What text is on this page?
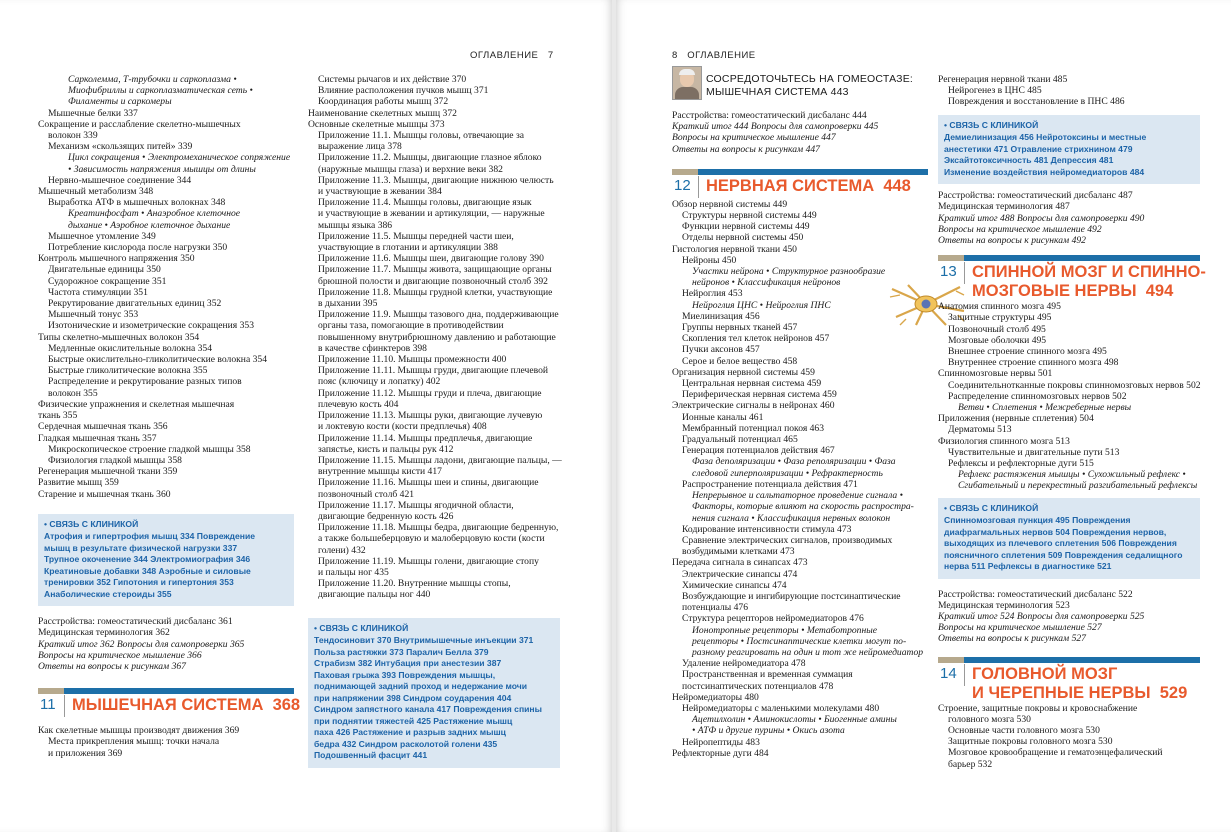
ОГЛАВЛЕНИЕ 7
Сарколемма, Т-трубочки и саркоплазма •
Миофибриллы и саркоплазматическая сеть •
Филаменты и саркомеры
Мышечные белки 337
Сокращение и расслабление скелетно-мышечных
волокон 339
Механизм «скользящих питей» 339
Цикл сокращения • Электромеханическое сопряжение
• Зависимость напряжения мышцы от длины
Нервно-мышечное соединение 344
Мышечный метаболизм 348
Выработка АТФ в мышечных волокнах 348
Креатинфосфат • Анаэробное клеточное
дыхание • Аэробное клеточное дыхание
Мышечное утомление 349
Потребление кислорода после нагрузки 350
Контроль мышечного напряжения 350
Двигательные единицы 350
Судорожное сокращение 351
Частота стимуляции 351
Рекрутирование двигательных единиц 352
Мышечный тонус 353
Изотонические и изометрические сокращения 353
Типы скелетно-мышечных волокон 354
Медленные окислительные волокна 354
Быстрые окислительно-гликолитические волокна 354
Быстрые гликолитические волокна 355
Распределение и рекрутирование разных типов
волокон 355
Физические упражнения и скелетная мышечная
ткань 355
Сердечная мышечная ткань 356
Гладкая мышечная ткань 357
Микроскопическое строение гладкой мышцы 358
Физиология гладкой мышцы 358
Регенерация мышечной ткани 359
Развитие мышц 359
Старение и мышечная ткань 360
• СВЯЗЬ С КЛИНИКОЙ
Атрофия и гипертрофия мышц 334 Повреждение
мышц в результате физической нагрузки 337
Трупное окоченение 344 Электромиография 346
Креатиновые добавки 348 Аэробные и силовые
тренировки 352 Гипотония и гипертония 353
Анаболические стероиды 355
Расстройства: гомеостатический дисбаланс 361
Медицинская терминология 362
Краткий итог 362 Вопросы для самопроверки 365
Вопросы на критическое мышление 366
Ответы на вопросы к рисункам 367
11 МЫШЕЧНАЯ СИСТЕМА 368
Как скелетные мышцы производят движения 369
Места прикрепления мышц: точки начала
и приложения 369
Системы рычагов и их действие 370
Влияние расположения пучков мышц 371
Координация работы мышц 372
Наименование скелетных мышц 372
Основные скелетные мышцы 373
Приложение 11.1. Мышцы головы, отвечающие за
выражение лица 378
Приложение 11.2. Мышцы, двигающие глазное яблоко
(наружные мышцы глаза) и верхние веки 382
Приложение 11.3. Мышцы, двигающие нижнюю челюсть
и участвующие в жевании 384
Приложение 11.4. Мышцы головы, двигающие язык
и участвующие в жевании и артикуляции, — наружные
мышцы языка 386
Приложение 11.5. Мышцы передней части шеи,
участвующие в глотании и артикуляции 388
Приложение 11.6. Мышцы шеи, двигающие голову 390
Приложение 11.7. Мышцы живота, защищающие органы
брюшной полости и двигающие позвоночный столб 392
Приложение 11.8. Мышцы грудной клетки, участвующие
в дыхании 395
Приложение 11.9. Мышцы тазового дна, поддерживающие
органы таза, помогающие в противодействии
повышенному внутрибрюшному давлению и работающие
в качестве сфинктеров 398
Приложение 11.10. Мышцы промежности 400
Приложение 11.11. Мышцы груди, двигающие плечевой
пояс (ключицу и лопатку) 402
Приложение 11.12. Мышцы груди и плеча, двигающие
плечевую кость 404
Приложение 11.13. Мышцы руки, двигающие лучевую
и локтевую кости (кости предплечья) 408
Приложение 11.14. Мышцы предплечья, двигающие
запястье, кисть и пальцы рук 412
Приложение 11.15. Мышцы ладони, двигающие пальцы, —
внутренние мышцы кисти 417
Приложение 11.16. Мышцы шеи и спины, двигающие
позвоночный столб 421
Приложение 11.17. Мышцы ягодичной области,
двигающие бедренную кость 426
Приложение 11.18. Мышцы бедра, двигающие бедренную,
а также большеберцовую и малоберцовую кости (кости
голени) 432
Приложение 11.19. Мышцы голени, двигающие стопу
и пальцы ног 435
Приложение 11.20. Внутренние мышцы стопы,
двигающие пальцы ног 440
• СВЯЗЬ С КЛИНИКОЙ
Тендосиновит 370 Внутримышечные инъекции 371
Польза растяжки 373 Паралич Белла 379
Страбизм 382 Интубация при анестезии 387
Паховая грыжа 393 Повреждения мышцы,
поднимающей задний проход и недержание мочи
при напряжении 398 Синдром соударения 404
Синдром запястного канала 417 Повреждения спины
при поднятии тяжестей 425 Растяжение мышц
паха 426 Растяжение и разрыв задних мышц
бедра 432 Синдром расколотой голени 435
Подошвенный фасцит 441
8 ОГЛАВЛЕНИЕ
СОСРЕДОТОЧЬТЕСЬ НА ГОМЕОСТАЗЕ:
МЫШЕЧНАЯ СИСТЕМА 443
Расстройства: гомеостатический дисбаланс 444
Краткий итог 444 Вопросы для самопроверки 445
Вопросы на критическое мышление 447
Ответы на вопросы к рисункам 447
12 НЕРВНАЯ СИСТЕМА 448
Обзор нервной системы 449
Структуры нервной системы 449
Функции нервной системы 449
Отделы нервной системы 450
Гистология нервной ткани 450
Нейроны 450
Участки нейрона • Структурное разнообразие
нейронов • Классификация нейронов
Нейроглия 453
Нейроглия ЦНС • Нейроглия ПНС
Миелинизация 456
Группы нервных тканей 457
Скопления тел клеток нейронов 457
Пучки аксонов 457
Серое и белое вещество 458
Организация нервной системы 459
Центральная нервная система 459
Периферическая нервная система 459
Электрические сигналы в нейронах 460
Ионные каналы 461
Мембранный потенциал покоя 463
Градуальный потенциал 465
Генерация потенциалов действия 467
Фаза деполяризации • Фаза реполяризации • Фаза
следовой гиперполяризации • Рефрактерность
Распространение потенциала действия 471
Непрерывное и сальтаторное проведение сигнала •
Факторы, которые влияют на скорость распростра-
нения сигнала • Классификация нервных волокон
Кодирование интенсивности стимула 473
Сравнение электрических сигналов, производимых
возбудимыми клетками 473
Передача сигнала в синапсах 473
Электрические синапсы 474
Химические синапсы 474
Возбуждающие и ингибирующие постсинаптические
потенциалы 476
Структура рецепторов нейромедиаторов 476
Ионотропные рецепторы • Метаботропные
рецепторы • Постсинаптические клетки могут по-
разному реагировать на один и тот же нейромедиатор
Удаление нейромедиатора 478
Пространственная и временная суммация
постсинаптических потенциалов 478
Нейромедиаторы 480
Нейромедиаторы с маленькими молекулами 480
Ацетилхолин • Аминокислоты • Биогенные амины
• АТФ и другие пурины • Окись азота
Нейропептиды 483
Рефлекторные дуги 484
Регенерация нервной ткани 485
Нейрогенез в ЦНС 485
Повреждения и восстановление в ПНС 486
• СВЯЗЬ С КЛИНИКОЙ
Демиелинизация 456 Нейротоксины и местные
анестетики 471 Отравление стрихнином 479
Эксайтотоксичность 481 Депрессия 481
Изменение воздействия нейромедиаторов 484
Расстройства: гомеостатический дисбаланс 487
Медицинская терминология 487
Краткий итог 488 Вопросы для самопроверки 490
Вопросы на критическое мышление 492
Ответы на вопросы к рисункам 492
13 СПИННОЙ МОЗГ И СПИННО-
МОЗГОВЫЕ НЕРВЫ 494
Анатомия спинного мозга 495
Защитные структуры 495
Позвоночный столб 495
Мозговые оболочки 495
Внешнее строение спинного мозга 495
Внутреннее строение спинного мозга 498
Спинномозговые нервы 501
Соединительнотканные покровы спинномозговых нервов 502
Распределение спинномозговых нервов 502
Ветви • Сплетения • Межреберные нервы
Приложения (нервные сплетения) 504
Дерматомы 513
Физиология спинного мозга 513
Чувствительные и двигательные пути 513
Рефлексы и рефлекторные дуги 515
Рефлекс растяжения мышцы • Сухожильный рефлекс •
Сгибательный и перекрестный разгибательный рефлексы
• СВЯЗЬ С КЛИНИКОЙ
Спинномозговая пункция 495 Повреждения
диафрагмальных нервов 504 Повреждения нервов,
выходящих из плечевого сплетения 506 Повреждения
поясничного сплетения 509 Повреждения седалищного
нерва 511 Рефлексы в диагностике 521
Расстройства: гомеостатический дисбаланс 522
Медицинская терминология 523
Краткий итог 524 Вопросы для самопроверки 525
Вопросы на критическое мышление 527
Ответы на вопросы к рисункам 527
14 ГОЛОВНОЙ МОЗГ
И ЧЕРЕПНЫЕ НЕРВЫ 529
Строение, защитные покровы и кровоснабжение
головного мозга 530
Основные части головного мозга 530
Защитные покровы головного мозга 530
Мозговое кровообращение и гематоэнцефалический
барьер 532
